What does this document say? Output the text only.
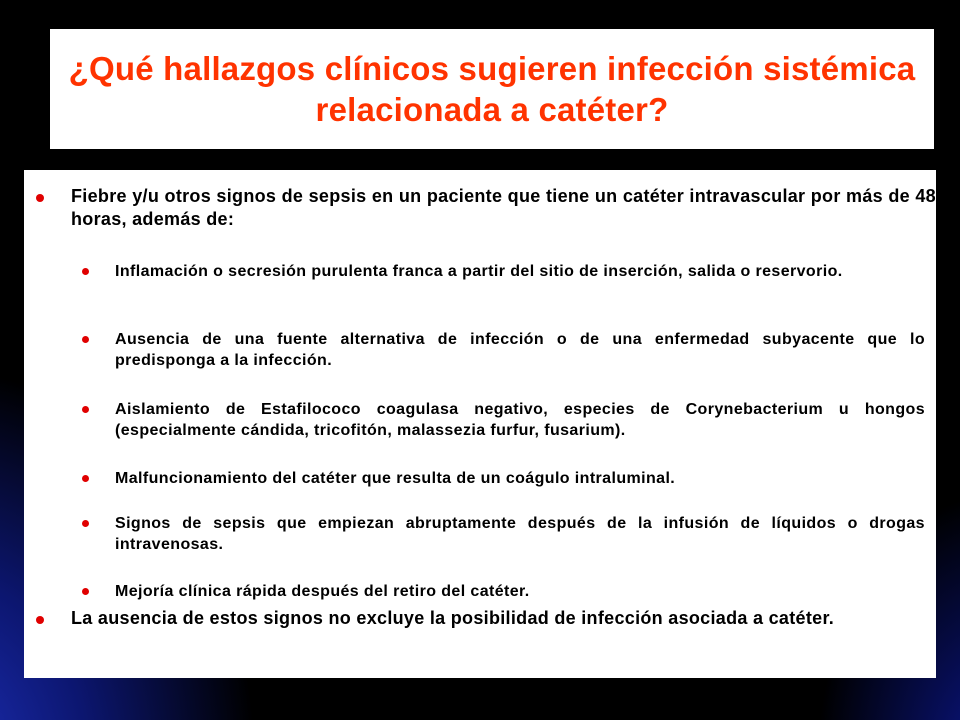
¿Qué hallazgos clínicos sugieren infección sistémica relacionada a catéter?
Fiebre y/u otros signos de sepsis en un paciente que tiene un catéter intravascular por más de 48 horas, además de:
Inflamación o secresión purulenta franca a partir del sitio de inserción, salida o reservorio.
Ausencia de una fuente alternativa de infección o de una enfermedad subyacente que lo predisponga a la infección.
Aislamiento de Estafilococo coagulasa negativo, especies de Corynebacterium u hongos (especialmente cándida, tricofitón, malassezia furfur, fusarium).
Malfuncionamiento del catéter que resulta de un coágulo intraluminal.
Signos de sepsis que empiezan abruptamente después de la infusión de líquidos o drogas intravenosas.
Mejoría clínica rápida después del retiro del catéter.
La ausencia de estos signos no excluye la posibilidad de infección asociada a catéter.
